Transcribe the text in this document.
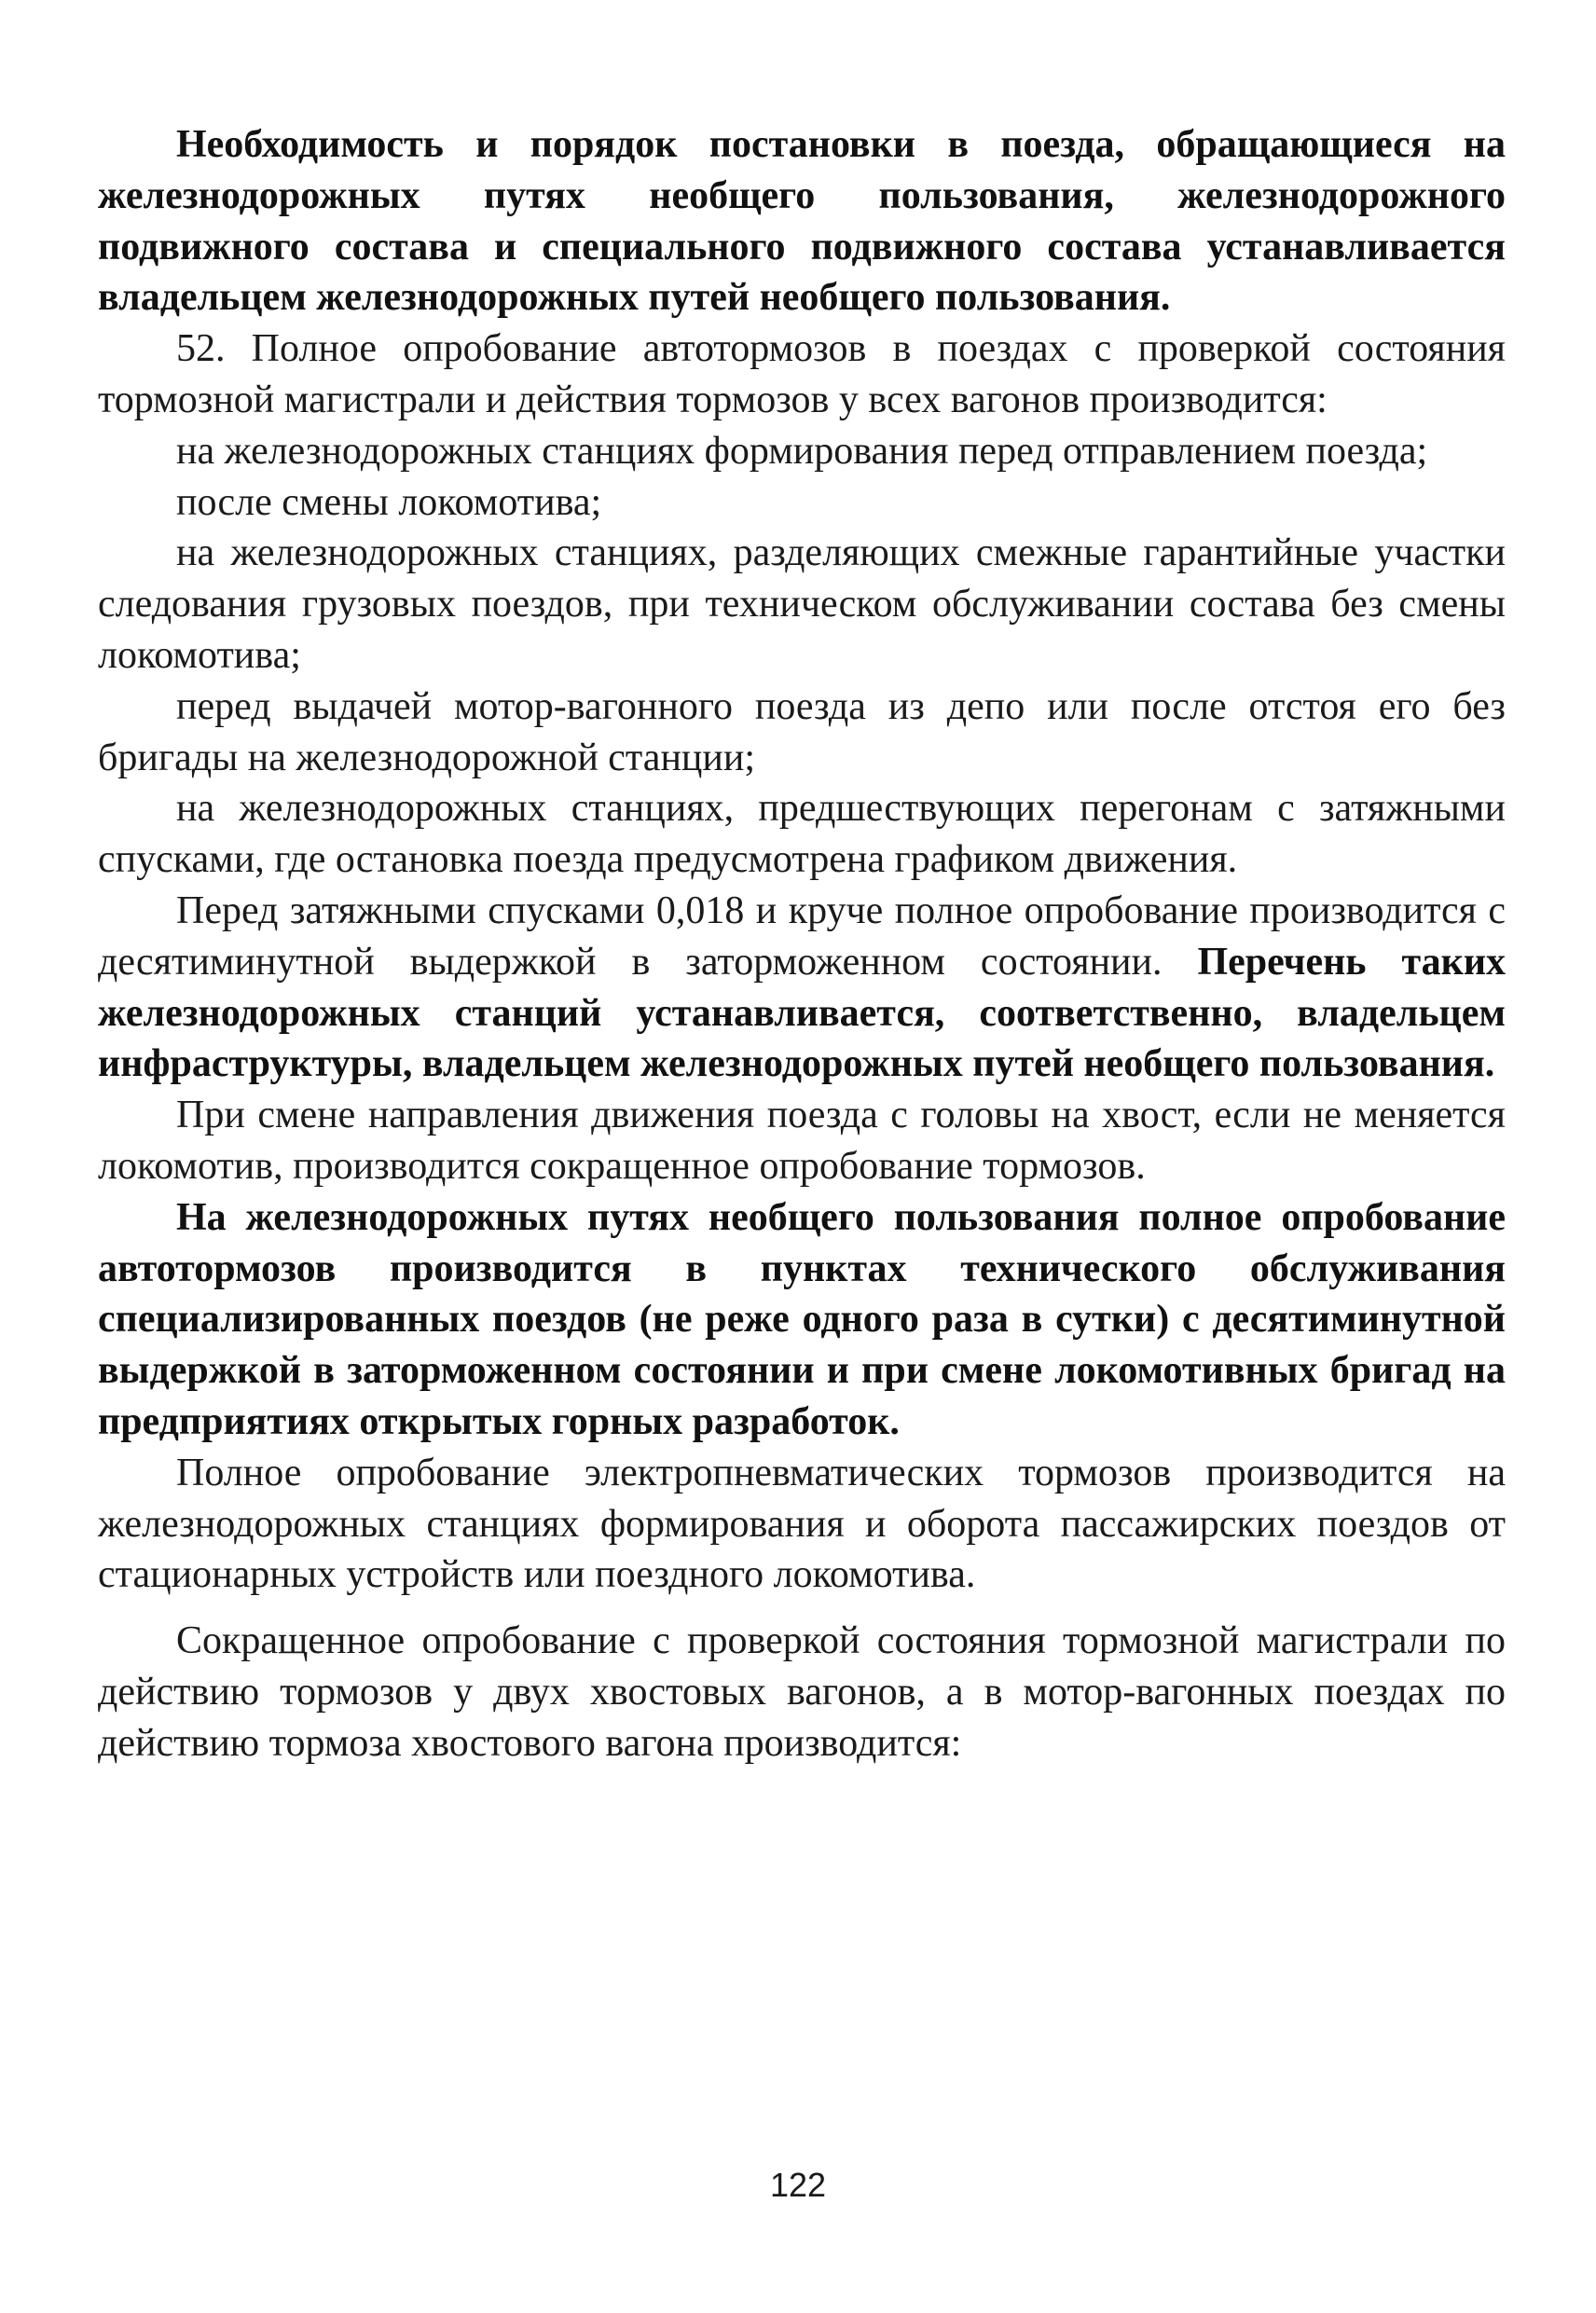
Необходимость и порядок постановки в поезда, обращающиеся на железнодорожных путях необщего пользования, железнодорожного подвижного состава и специального подвижного состава устанавливается владельцем железнодорожных путей необщего пользования.

52. Полное опробование автотормозов в поездах с проверкой состояния тормозной магистрали и действия тормозов у всех вагонов производится:

на железнодорожных станциях формирования перед отправлением поезда;

после смены локомотива;

на железнодорожных станциях, разделяющих смежные гарантийные участки следования грузовых поездов, при техническом обслуживании состава без смены локомотива;

перед выдачей мотор-вагонного поезда из депо или после отстоя его без бригады на железнодорожной станции;

на железнодорожных станциях, предшествующих перегонам с затяжными спусками, где остановка поезда предусмотрена графиком движения.

Перед затяжными спусками 0,018 и круче полное опробование производится с десятиминутной выдержкой в заторможенном состоянии. Перечень таких железнодорожных станций устанавливается, соответственно, владельцем инфраструктуры, владельцем железнодорожных путей необщего пользования.

При смене направления движения поезда с головы на хвост, если не меняется локомотив, производится сокращенное опробование тормозов.

На железнодорожных путях необщего пользования полное опробование автотормозов производится в пунктах технического обслуживания специализированных поездов (не реже одного раза в сутки) с десятиминутной выдержкой в заторможенном состоянии и при смене локомотивных бригад на предприятиях открытых горных разработок.

Полное опробование электропневматических тормозов производится на железнодорожных станциях формирования и оборота пассажирских поездов от стационарных устройств или поездного локомотива.

Сокращенное опробование с проверкой состояния тормозной магистрали по действию тормозов у двух хвостовых вагонов, а в мотор-вагонных поездах по действию тормоза хвостового вагона производится:

122
